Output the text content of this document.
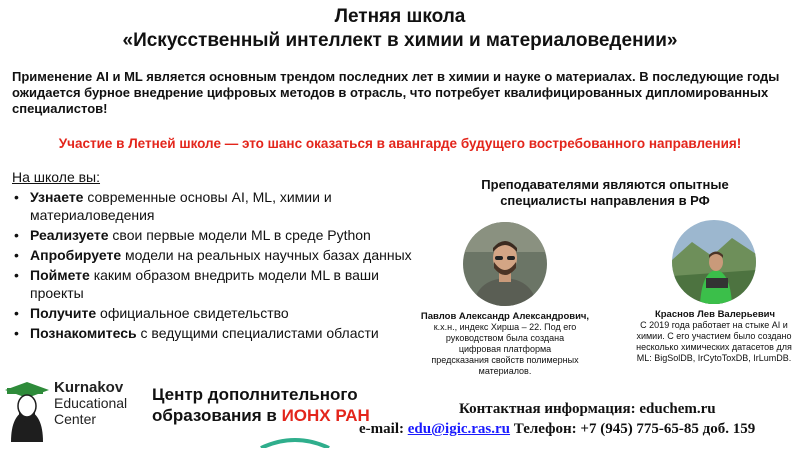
Летняя школа
«Искусственный интеллект в химии и материаловедении»
Применение AI и ML является основным трендом последних лет в химии и науке о материалах. В последующие годы ожидается бурное внедрение цифровых методов в отрасль, что потребует квалифицированных дипломированных специалистов!
Участие в Летней школе — это шанс оказаться в авангарде будущего востребованного направления!
На школе вы:
• Узнаете современные основы AI, ML, химии и материаловедения
• Реализуете свои первые модели ML в среде Python
• Апробируете модели на реальных научных базах данных
• Поймете каким образом внедрить модели ML в ваши проекты
• Получите официальное свидетельство
• Познакомитесь с ведущими специалистами области
Преподавателями являются опытные специалисты направления в РФ
Павлов Александр Александрович,
к.х.н., индекс Хирша – 22. Под его руководством была создана цифровая платформа предсказания свойств полимерных материалов.
Краснов Лев Валерьевич
С 2019 года работает на стыке AI и химии. С его участием было создано несколько химических датасетов для ML: BigSolDB, IrCytoToxDB, IrLumDB.
Kurnakov
Educational
Center
Центр дополнительного
образования в ИОНХ РАН	Контактная информация: educhem.ru
e-mail: edu@igic.ras.ru Телефон: +7 (945) 775-65-85 доб. 159
